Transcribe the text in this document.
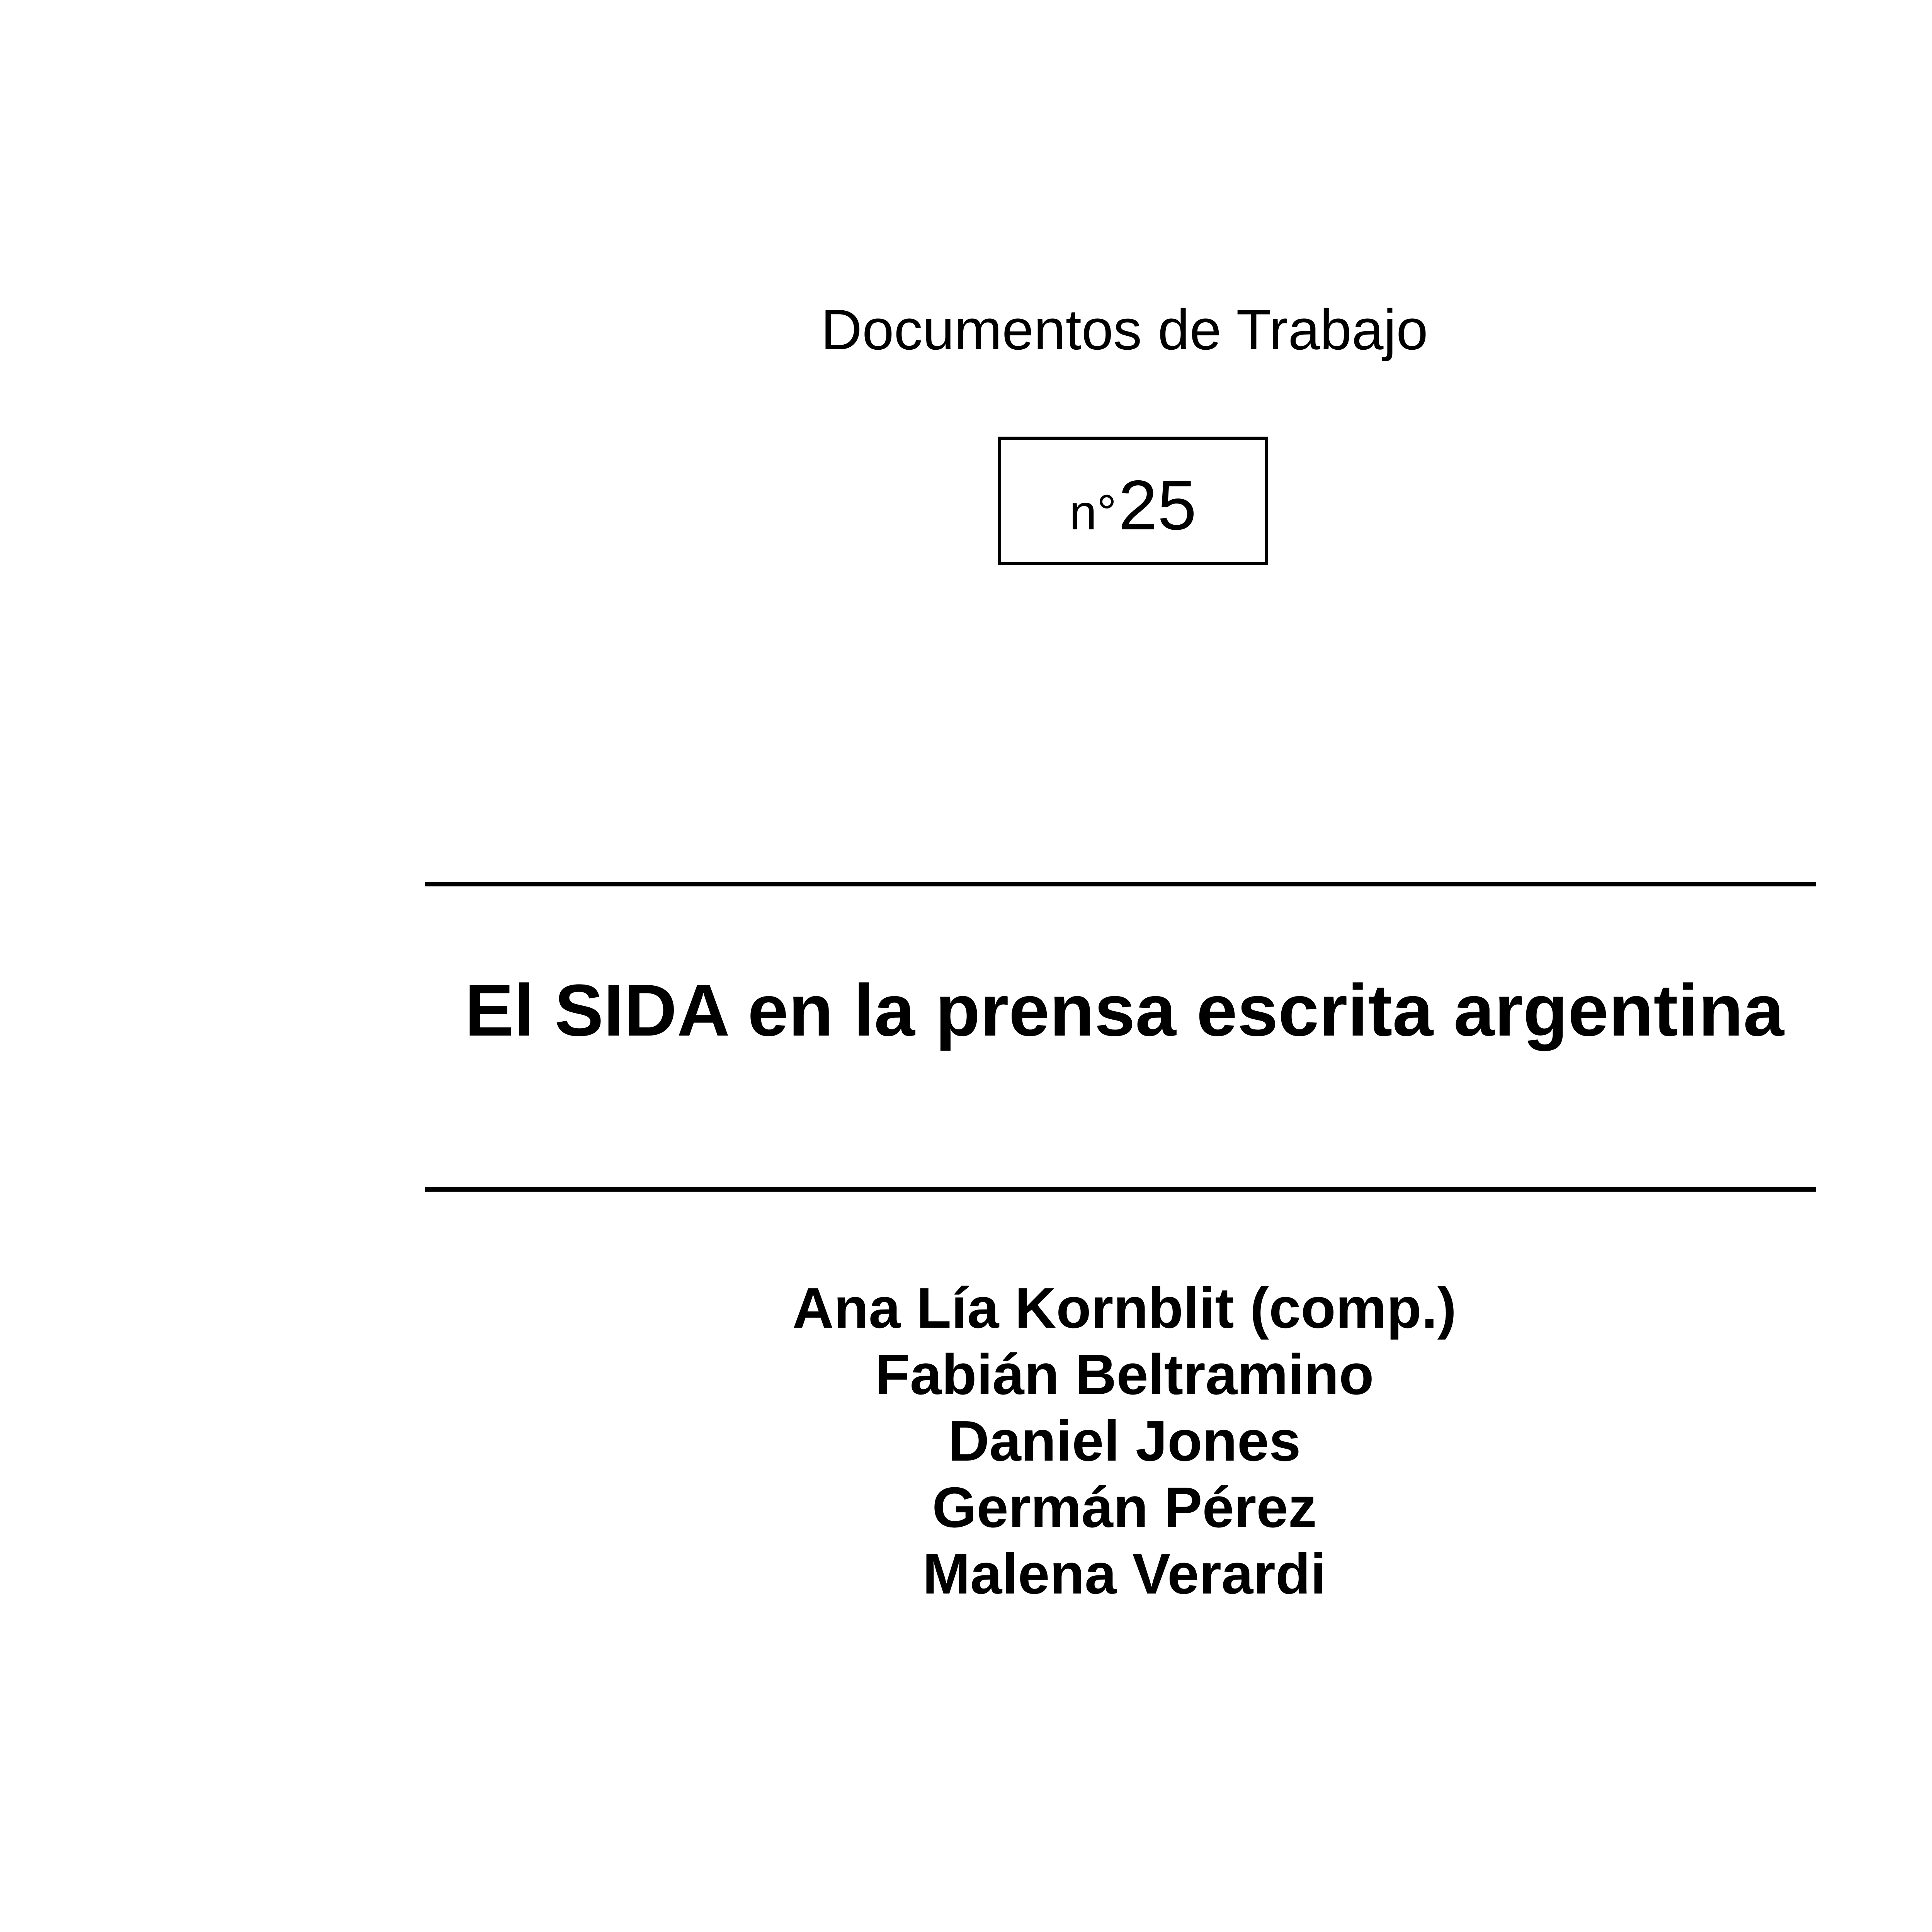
Documentos de Trabajo
n° 25
El SIDA en la prensa escrita argentina
Ana Lía Kornblit (comp.)
Fabián Beltramino
Daniel Jones
Germán Pérez
Malena Verardi
